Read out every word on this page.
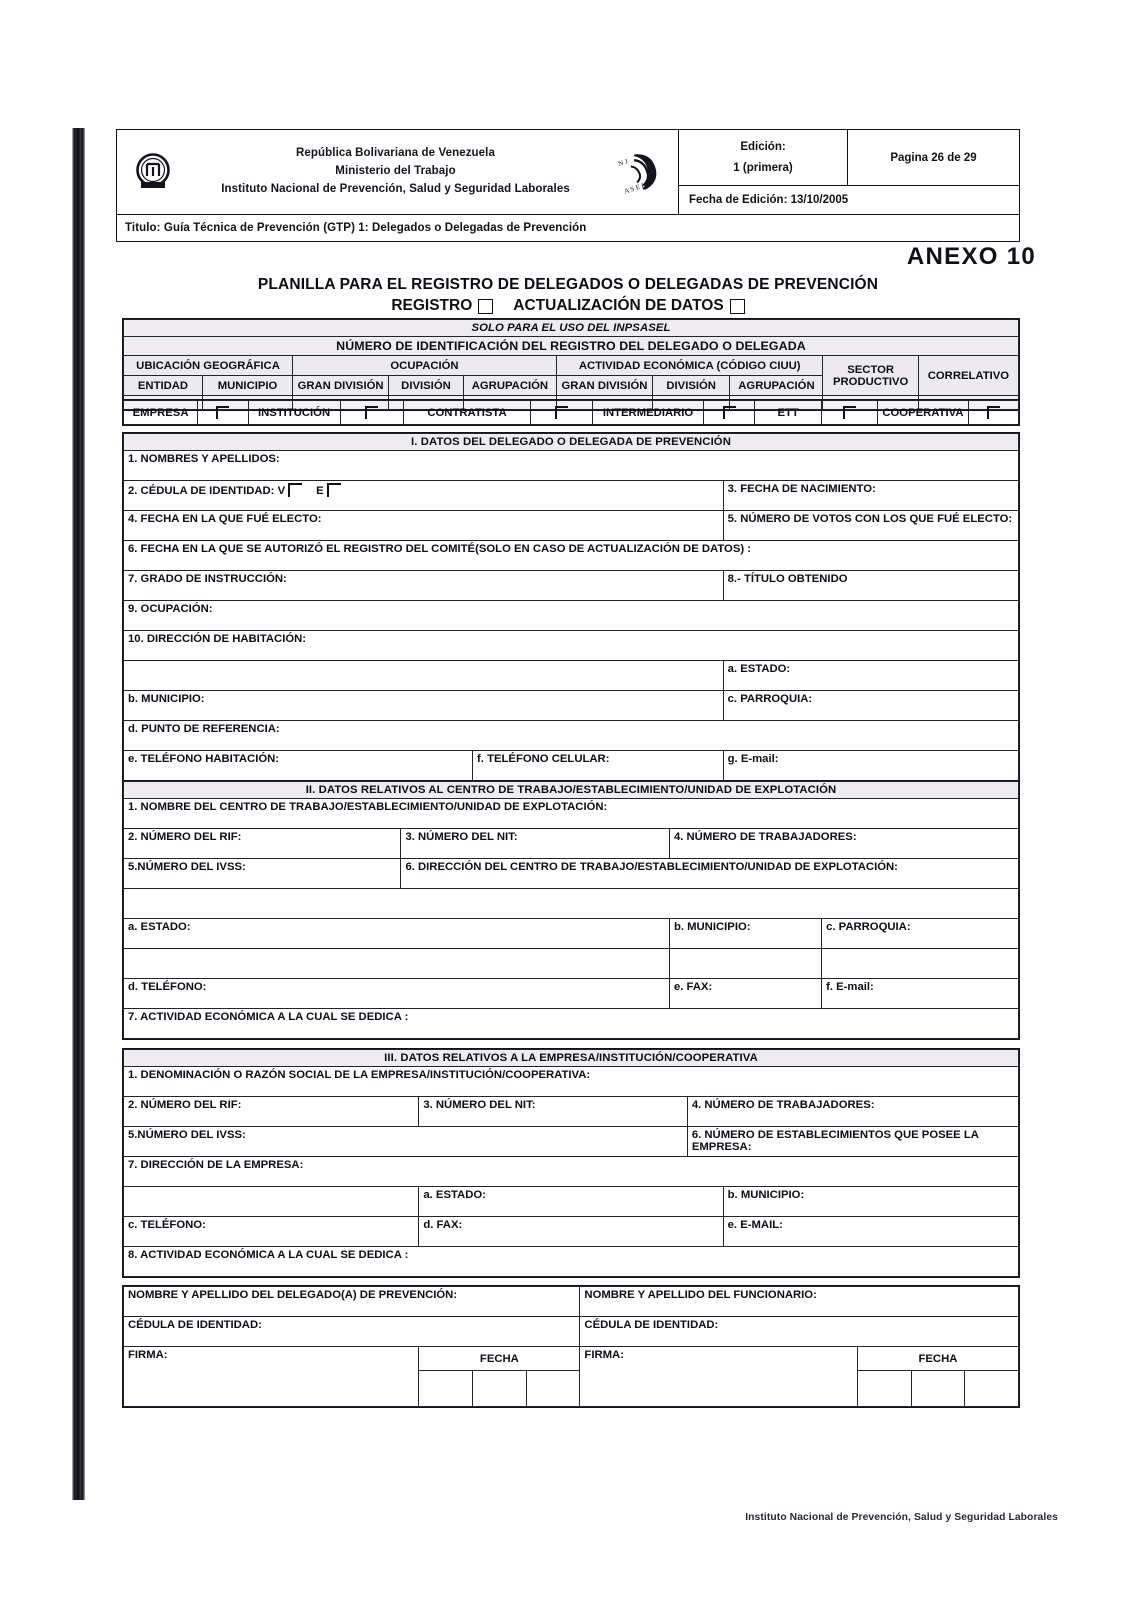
República Bolivariana de Venezuela
Ministerio del Trabajo
Instituto Nacional de Prevención, Salud y Seguridad Laborales
N J
A S E L
Edición:
1 (primera)
Pagina 26 de 29
Fecha de Edición: 13/10/2005
Titulo: Guía Técnica de Prevención (GTP) 1: Delegados o Delegadas de Prevención
ANEXO 10
PLANILLA PARA EL REGISTRO DE DELEGADOS O DELEGADAS DE PREVENCIÓN
REGISTRO	ACTUALIZACIÓN DE DATOS
SOLO PARA EL USO DEL INPSASEL									
NÚMERO DE IDENTIFICACIÓN DEL REGISTRO DEL DELEGADO O DELEGADA									
UBICACIÓN GEOGRÁFICA		OCUPACIÓN			ACTIVIDAD ECONÓMICA (CÓDIGO CIUU)			SECTOR
PRODUCTIVO	CORRELATIVO
ENTIDAD	MUNICIPIO	GRAN DIVISIÓN	DIVISIÓN	AGRUPACIÓN	GRAN DIVISIÓN	DIVISIÓN	AGRUPACIÓN		

EMPRESA		INSTITUCIÓN		CONTRATISTA		INTERMEDIARIO		ETT		COOPERATIVA	
I. DATOS DEL DELEGADO O DELEGADA DE PREVENCIÓN		
1. NOMBRES Y APELLIDOS:		
2. CÉDULA DE IDENTIDAD: V E		3. FECHA DE NACIMIENTO:
4. FECHA EN LA QUE FUÉ ELECTO:		5. NÚMERO DE VOTOS CON LOS QUE FUÉ ELECTO:
6. FECHA EN LA QUE SE AUTORIZÓ EL REGISTRO DEL COMITÉ(SOLO EN CASO DE ACTUALIZACIÓN DE DATOS) :		
7. GRADO DE INSTRUCCIÓN:		8.- TÍTULO OBTENIDO
9. OCUPACIÓN:		
10. DIRECCIÓN DE HABITACIÓN:		
		a. ESTADO:
b. MUNICIPIO:		c. PARROQUIA:
d. PUNTO DE REFERENCIA:		
e. TELÉFONO HABITACIÓN:	f. TELÉFONO CELULAR:	g. E-mail:
II. DATOS RELATIVOS AL CENTRO DE TRABAJO/ESTABLECIMIENTO/UNIDAD DE EXPLOTACIÓN			
1. NOMBRE DEL CENTRO DE TRABAJO/ESTABLECIMIENTO/UNIDAD DE EXPLOTACIÓN:			
2. NÚMERO DEL RIF:	3. NÚMERO DEL NIT:	4. NÚMERO DE TRABAJADORES:	
5.NÚMERO DEL IVSS:	6. DIRECCIÓN DEL CENTRO DE TRABAJO/ESTABLECIMIENTO/UNIDAD DE EXPLOTACIÓN:		

a. ESTADO:		b. MUNICIPIO:	c. PARROQUIA:

d. TELÉFONO:		e. FAX:	f. E-mail:
7. ACTIVIDAD ECONÓMICA A LA CUAL SE DEDICA :			
III. DATOS RELATIVOS A LA EMPRESA/INSTITUCIÓN/COOPERATIVA			
1. DENOMINACIÓN O RAZÓN SOCIAL DE LA EMPRESA/INSTITUCIÓN/COOPERATIVA:			
2. NÚMERO DEL RIF:	3. NÚMERO DEL NIT:	4. NÚMERO DE TRABAJADORES:	
5.NÚMERO DEL IVSS:		6. NÚMERO DE ESTABLECIMIENTOS QUE POSEE LA EMPRESA:	
7. DIRECCIÓN DE LA EMPRESA:			
	a. ESTADO:		b. MUNICIPIO:
c. TELÉFONO:	d. FAX:		e. E-MAIL:
8. ACTIVIDAD ECONÓMICA A LA CUAL SE DEDICA :			
NOMBRE Y APELLIDO DEL DELEGADO(A) DE PREVENCIÓN:				NOMBRE Y APELLIDO DEL FUNCIONARIO:			
CÉDULA DE IDENTIDAD:				CÉDULA DE IDENTIDAD:			
FIRMA:	FECHA			FIRMA:	FECHA		

Instituto Nacional de Prevención, Salud y Seguridad Laborales
